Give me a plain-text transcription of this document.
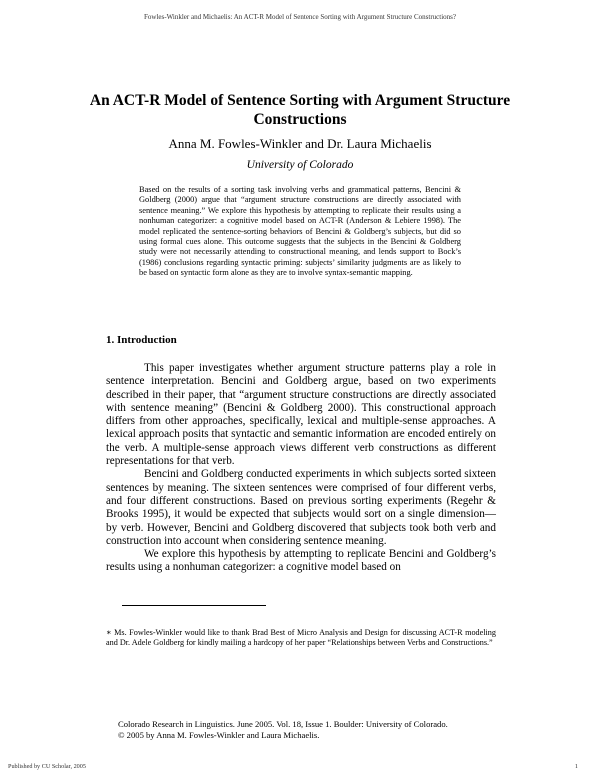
Fowles-Winkler and Michaelis: An ACT-R Model of Sentence Sorting with Argument Structure Constructions?
An ACT-R Model of Sentence Sorting with Argument Structure Constructions
Anna M. Fowles-Winkler and Dr. Laura Michaelis
University of Colorado
Based on the results of a sorting task involving verbs and grammatical patterns, Bencini & Goldberg (2000) argue that “argument structure constructions are directly associated with sentence meaning.” We explore this hypothesis by attempting to replicate their results using a nonhuman categorizer: a cognitive model based on ACT-R (Anderson & Lebiere 1998). The model replicated the sentence-sorting behaviors of Bencini & Goldberg’s subjects, but did so using formal cues alone. This outcome suggests that the subjects in the Bencini & Goldberg study were not necessarily attending to constructional meaning, and lends support to Bock’s (1986) conclusions regarding syntactic priming: subjects’ similarity judgments are as likely to be based on syntactic form alone as they are to involve syntax-semantic mapping.
1. Introduction

This paper investigates whether argument structure patterns play a role in sentence interpretation. Bencini and Goldberg argue, based on two experiments described in their paper, that “argument structure constructions are directly associated with sentence meaning” (Bencini & Goldberg 2000). This constructional approach differs from other approaches, specifically, lexical and multiple-sense approaches. A lexical approach posits that syntactic and semantic information are encoded entirely on the verb. A multiple-sense approach views different verb constructions as different representations for that verb.

Bencini and Goldberg conducted experiments in which subjects sorted sixteen sentences by meaning. The sixteen sentences were comprised of four different verbs, and four different constructions. Based on previous sorting experiments (Regehr & Brooks 1995), it would be expected that subjects would sort on a single dimension—by verb. However, Bencini and Goldberg discovered that subjects took both verb and construction into account when considering sentence meaning.

We explore this hypothesis by attempting to replicate Bencini and Goldberg’s results using a nonhuman categorizer: a cognitive model based on

∗ Ms. Fowles-Winkler would like to thank Brad Best of Micro Analysis and Design for discussing ACT-R modeling and Dr. Adele Goldberg for kindly mailing a hardcopy of her paper “Relationships between Verbs and Constructions.”
Colorado Research in Linguistics. June 2005. Vol. 18, Issue 1. Boulder: University of Colorado.
© 2005 by Anna M. Fowles-Winkler and Laura Michaelis.
Published by CU Scholar, 2005	1
